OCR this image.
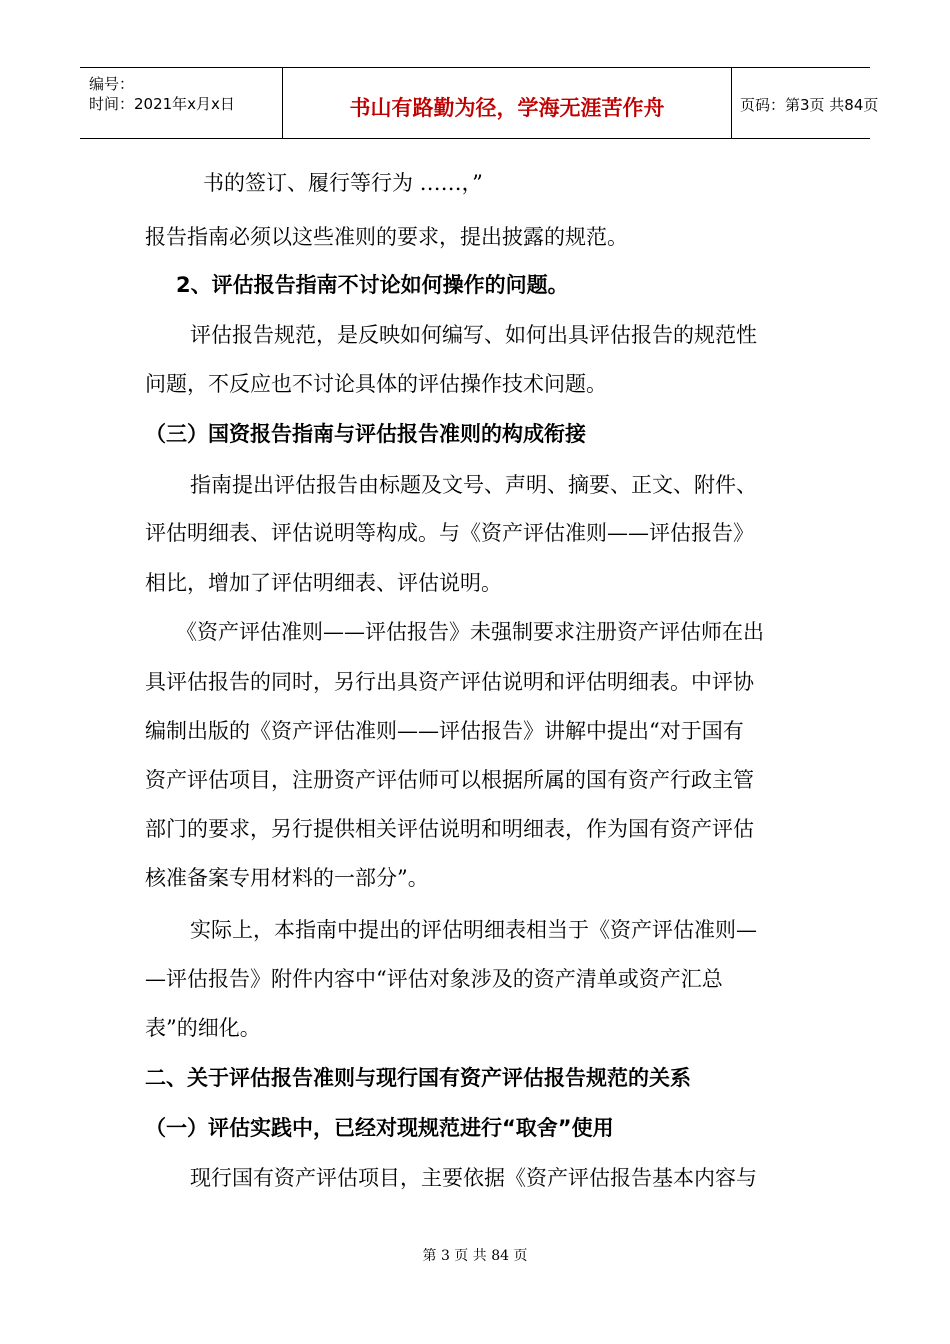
编号：
时间：2021年x月x日	书山有路勤为径，学海无涯苦作舟	页码：第3页 共84页
书的签订、履行等行为 ……，”
报告指南必须以这些准则的要求，提出披露的规范。
2、评估报告指南不讨论如何操作的问题。
评估报告规范，是反映如何编写、如何出具评估报告的规范性
问题，不反应也不讨论具体的评估操作技术问题。
（三）国资报告指南与评估报告准则的构成衔接
指南提出评估报告由标题及文号、声明、摘要、正文、附件、
评估明细表、评估说明等构成。与《资产评估准则——评估报告》
相比，增加了评估明细表、评估说明。
《资产评估准则——评估报告》未强制要求注册资产评估师在出
具评估报告的同时，另行出具资产评估说明和评估明细表。中评协
编制出版的《资产评估准则——评估报告》讲解中提出“对于国有
资产评估项目，注册资产评估师可以根据所属的国有资产行政主管
部门的要求，另行提供相关评估说明和明细表，作为国有资产评估
核准备案专用材料的一部分”。
实际上，本指南中提出的评估明细表相当于《资产评估准则—
—评估报告》附件内容中“评估对象涉及的资产清单或资产汇总
表”的细化。
二、关于评估报告准则与现行国有资产评估报告规范的关系
（一）评估实践中，已经对现规范进行“取舍”使用
现行国有资产评估项目，主要依据《资产评估报告基本内容与
第 3 页 共 84 页
